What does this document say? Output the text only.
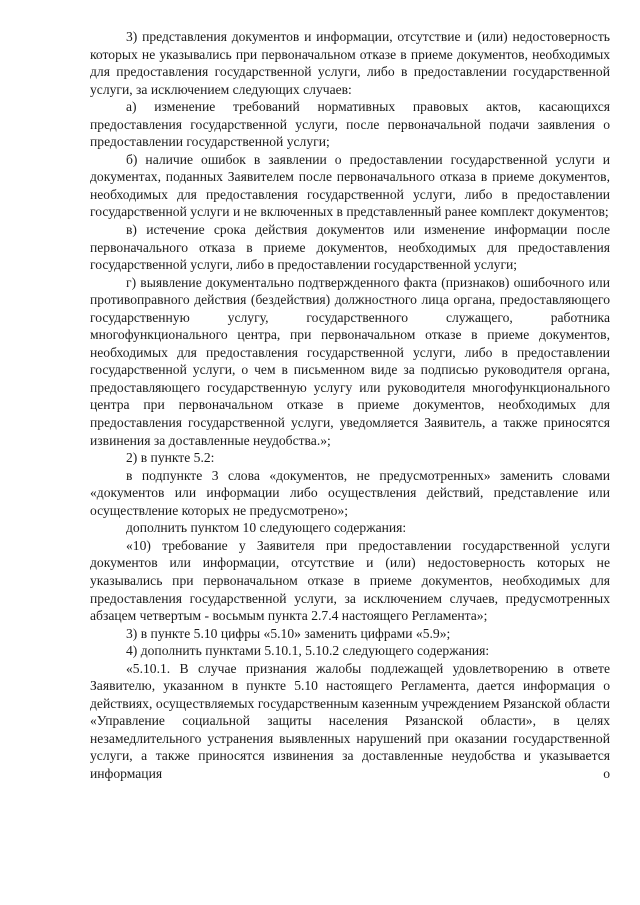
3) представления документов и информации, отсутствие и (или) недостоверность которых не указывались при первоначальном отказе в приеме документов, необходимых для предоставления государственной услуги, либо в предоставлении государственной услуги, за исключением следующих случаев:

а) изменение требований нормативных правовых актов, касающихся предоставления государственной услуги, после первоначальной подачи заявления о предоставлении государственной услуги;

б) наличие ошибок в заявлении о предоставлении государственной услуги и документах, поданных Заявителем после первоначального отказа в приеме документов, необходимых для предоставления государственной услуги, либо в предоставлении государственной услуги и не включенных в представленный ранее комплект документов;

в) истечение срока действия документов или изменение информации после первоначального отказа в приеме документов, необходимых для предоставления государственной услуги, либо в предоставлении государственной услуги;

г) выявление документально подтвержденного факта (признаков) ошибочного или противоправного действия (бездействия) должностного лица органа, предоставляющего государственную услугу, государственного служащего, работника многофункционального центра, при первоначальном отказе в приеме документов, необходимых для предоставления государственной услуги, либо в предоставлении государственной услуги, о чем в письменном виде за подписью руководителя органа, предоставляющего государственную услугу или руководителя многофункционального центра при первоначальном отказе в приеме документов, необходимых для предоставления государственной услуги, уведомляется Заявитель, а также приносятся извинения за доставленные неудобства.»;

2) в пункте 5.2:

в подпункте 3 слова «документов, не предусмотренных» заменить словами «документов или информации либо осуществления действий, представление или осуществление которых не предусмотрено»;

дополнить пунктом 10 следующего содержания:

«10) требование у Заявителя при предоставлении государственной услуги документов или информации, отсутствие и (или) недостоверность которых не указывались при первоначальном отказе в приеме документов, необходимых для предоставления государственной услуги, за исключением случаев, предусмотренных абзацем четвертым - восьмым пункта 2.7.4 настоящего Регламента»;

3) в пункте 5.10 цифры «5.10» заменить цифрами «5.9»;

4) дополнить пунктами 5.10.1, 5.10.2 следующего содержания:

«5.10.1. В случае признания жалобы подлежащей удовлетворению в ответе Заявителю, указанном в пункте 5.10 настоящего Регламента, дается информация о действиях, осуществляемых государственным казенным учреждением Рязанской области «Управление социальной защиты населения Рязанской области», в целях незамедлительного устранения выявленных нарушений при оказании государственной услуги, а также приносятся извинения за доставленные неудобства и указывается информация о
